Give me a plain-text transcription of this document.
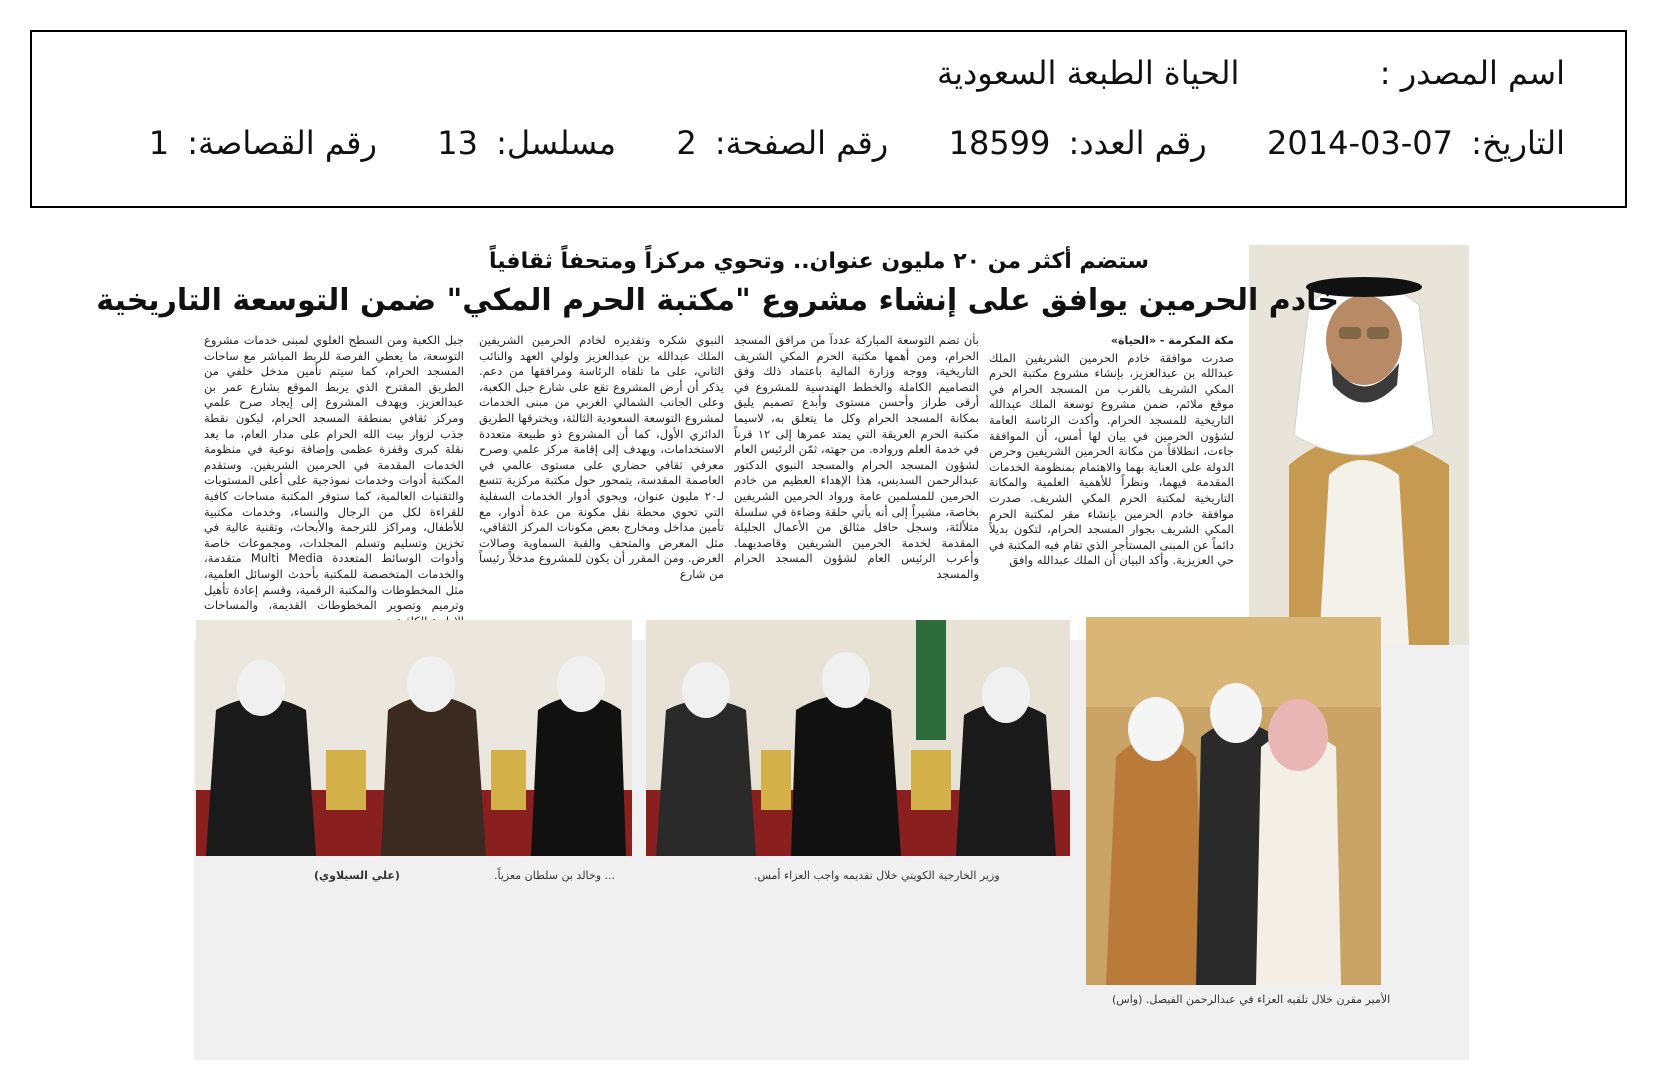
اسم المصدر :  الحياة الطبعة السعودية
التاريخ: 2014-03-07  رقم العدد: 18599  رقم الصفحة: 2  مسلسل: 13  رقم القصاصة: 1
ستضم أكثر من ٢٠ مليون عنوان.. وتحوي مركزاً ومتحفاً ثقافياً
خادم الحرمين يوافق على إنشاء مشروع "مكتبة الحرم المكي" ضمن التوسعة التاريخية
مكة المكرمة - «الحياة»
صدرت موافقة خادم الحرمين الشريفين الملك عبدالله بن عبدالعزيز، بإنشاء مشروع مكتبة الحرم المكي الشريف بالقرب من المسجد الحرام في موقع ملائم، ضمن مشروع توسعة الملك عبدالله التاريخية للمسجد الحرام. وأكدت الرئاسة العامة لشؤون الحرمين في بيان لها أمس، أن الموافقة جاءت، انطلاقاً من مكانة الحرمين الشريفين وحرص الدولة على العناية بهما والاهتمام بمنظومة الخدمات المقدمة فيهما، ونظراً للأهمية العلمية والمكانة التاريخية لمكتبة الحرم المكي الشريف. صدرت موافقة خادم الحرمين بإنشاء مقر لمكتبة الحرم المكي الشريف بجوار المسجد الحرام، لتكون بديلاً دائماً عن المبنى المستأجر الذي تقام فيه المكتبة في حي العزيزية. وأكد البيان أن الملك عبدالله وافق
بأن تضم التوسعة المباركة عدداً من مرافق المسجد الحرام، ومن أهمها مكتبة الحرم المكي الشريف التاريخية، ووجه وزارة المالية باعتماد ذلك وفق التصاميم الكاملة والخطط الهندسية للمشروع في أرقى طراز وأحسن مستوى وأبدع تصميم يليق بمكانة المسجد الحرام وكل ما يتعلق به، لاسيما مكتبة الحرم العريقة التي يمتد عمرها إلى ١٢ قرناً في خدمة العلم ورواده. من جهته، ثمّن الرئيس العام لشؤون المسجد الحرام والمسجد النبوي الدكتور عبدالرحمن السديس، هذا الإهداء العظيم من خادم الحرمين للمسلمين عامة ورواد الحرمين الشريفين بخاصة، مشيراً إلى أنه يأتي حلقة وضاءة في سلسلة متلألئة، وسجل حافل مثالق من الأعمال الجليلة المقدمة لخدمة الحرمين الشريفين وقاصديهما. وأعرب الرئيس العام لشؤون المسجد الحرام والمسجد
النبوي شكره وتقديره لخادم الحرمين الشريفين الملك عبدالله بن عبدالعزيز ولولي العهد والنائب الثاني، على ما تلقاه الرئاسة ومرافقها من دعم. يذكر أن أرض المشروع تقع على شارع جبل الكعبة، وعلى الجانب الشمالي الغربي من مبنى الخدمات لمشروع التوسعة السعودية الثالثة، ويخترقها الطريق الدائري الأول، كما أن المشروع ذو طبيعة متعددة الاستخدامات، ويهدف إلى إقامة مركز علمي وصرح معرفي ثقافي حضاري على مستوى عالمي في العاصمة المقدسة، يتمحور حول مكتبة مركزية تتسع لـ٢٠ مليون عنوان، ويحوي أدوار الخدمات السفلية التي تحوي محطة نقل مكونة من عدة أدوار، مع تأمين مداخل ومخارج بعض مكونات المركز الثقافي، مثل المعرض والمتحف والقبة السماوية وصالات العرض. ومن المقرر أن يكون للمشروع مدخلاً رئيساً من شارع
جبل الكعبة ومن السطح العلوي لمبنى خدمات مشروع التوسعة، ما يعطي الفرصة للربط المباشر مع ساحات المسجد الحرام، كما سيتم تأمين مدخل خلفي من الطريق المقترح الذي يربط الموقع بشارع عمر بن عبدالعزيز. ويهدف المشروع إلى إيجاد صرح علمي ومركز ثقافي بمنطقة المسجد الحرام، ليكون نقطة جذب لزوار بيت الله الحرام على مدار العام، ما يعد نقلة كبرى وقفزة عظمى وإضافة نوعية في منظومة الخدمات المقدمة في الحرمين الشريفين. وستقدم المكتبة أدوات وخدمات نموذجية على أعلى المستويات والتقنيات العالمية، كما ستوفر المكتبة مساحات كافية للقراءة لكل من الرجال والنساء، وخدمات مكتبية للأطفال، ومراكز للترجمة والأبحاث، وتقنية عالية في تخزين وتسليم وتسلم المجلدات، ومجموعات خاصة وأدوات الوسائط المتعددة Multi Media متقدمة، والخدمات المتخصصة للمكتبة بأحدث الوسائل العلمية، مثل المخطوطات والمكتبة الرقمية، وقسم إعادة تأهيل وترميم وتصوير المخطوطات القديمة، والمساحات
الأمير مقرن خلال تلقيه العزاء في عبدالرحمن الفيصل. (واس)
وزير الخارجية الكويتي خلال تقديمه واجب العزاء أمس.
... وخالد بن سلطان معزياً.
(علي السيلاوي)
